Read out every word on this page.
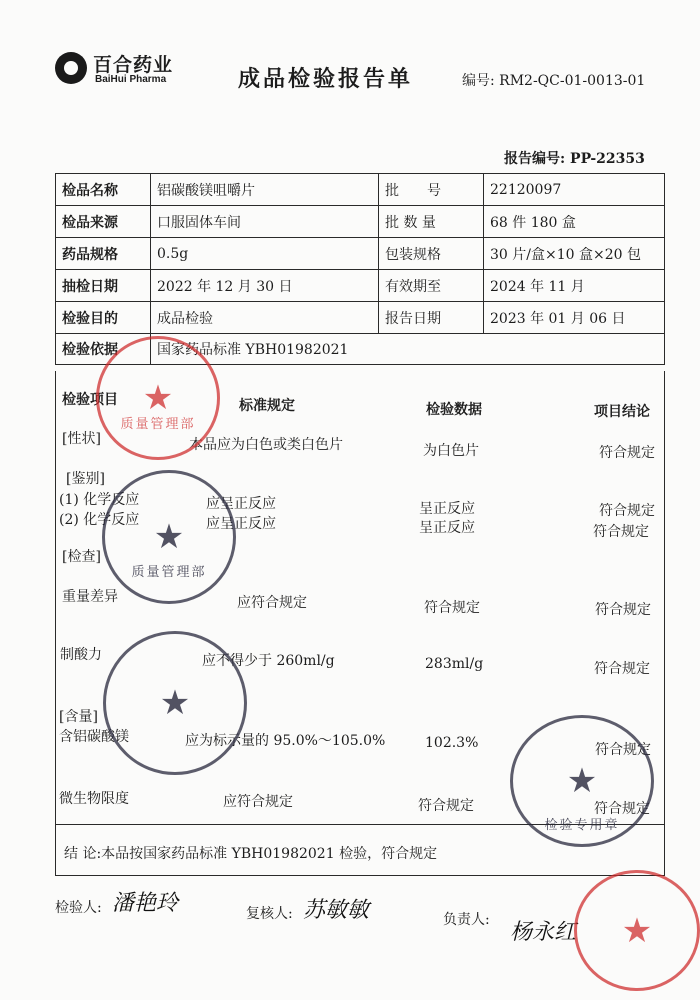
百合药业
BaiHui Pharma	成品检验报告单	编号: RM2-QC-01-0013-01
报告编号: PP-22353
检品名称	铝碳酸镁咀嚼片	批　　号	22120097
检品来源	口服固体车间	批 数 量	68 件 180 盒
药品规格	0.5g	包装规格	30 片/盒×10 盒×20 包
抽检日期	2022 年 12 月 30 日	有效期至	2024 年 11 月
检验目的	成品检验	报告日期	2023 年 01 月 06 日
检验依据	国家药品标准 YBH01982021		
检验项目	标准规定	检验数据	项目结论
[性状]	本品应为白色或类白色片	为白色片	符合规定
[鉴别]
(1) 化学反应	应呈正反应	呈正反应	符合规定
(2) 化学反应	应呈正反应	呈正反应	符合规定
[检查]
重量差异	应符合规定	符合规定	符合规定
制酸力	应不得少于 260ml/g	283ml/g	符合规定
[含量]
含铝碳酸镁	应为标示量的 95.0%～105.0%	102.3%	符合规定
微生物限度	应符合规定	符合规定	符合规定
结 论:本品按国家药品标准 YBH01982021 检验，符合规定
检验人: 潘艳玲	复核人: 苏敏敏	负责人: 杨永红
★
质量管理部
★
质量管理部
★
★
检验专用章
★
